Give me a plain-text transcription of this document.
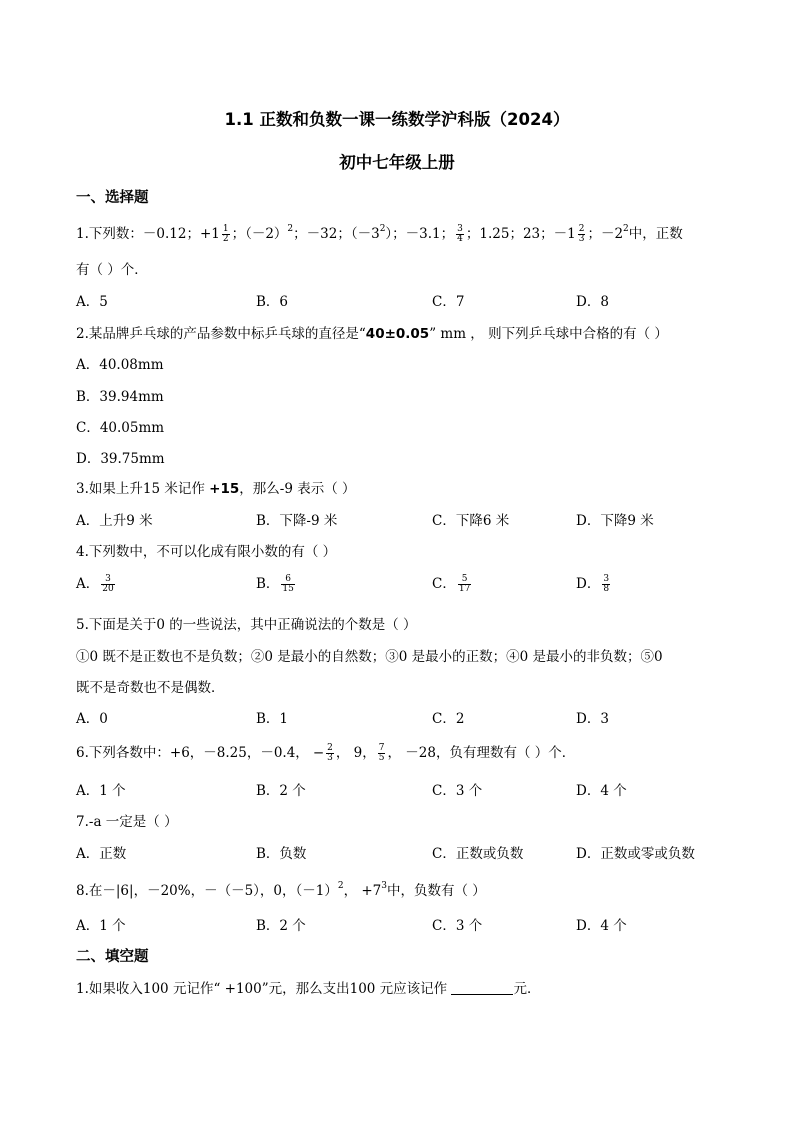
1.1 正数和负数一课一练数学沪科版（2024）
初中七年级上册
一、选择题
1.下列数：－0.12；$+1 \frac{1}{2}$ ；$(-2)^2$；－32；$(-3^2)$；－3.1； $\frac{3}{4}$ ；1.25；23；$-1 \frac{2}{3}$ ；$-2^2$中，正数
有（ ）个．
A．5	B．6	C．7	D．8
2.某品牌乒乓球的产品参数中标乒乓球的直径是“40±0.05” mm ， 则下列乒乓球中合格的有（ ）
A．40.08mm
B．39.94mm
C．40.05mm
D．39.75mm
3.如果上升15 米记作 +15，那么-9 表示（ ）
A．上升9 米	B．下降-9 米	C．下降6 米	D．下降9 米
4.下列数中，不可以化成有限小数的有（ ）
A． $\frac{3}{20}$	B． $\frac{6}{15}$	C． $\frac{5}{17}$	D． $\frac{3}{8}$
5.下面是关于0 的一些说法，其中正确说法的个数是（ ）
①0 既不是正数也不是负数；②0 是最小的自然数；③0 是最小的正数；④0 是最小的非负数；⑤0
既不是奇数也不是偶数．
A．0	B．1	C．2	D．3
6.下列各数中：+6，－8.25，－0.4， − $\frac{2}{3}$ ， 9， $\frac{7}{5}$ ， －28，负有理数有（ ）个．
A．1 个	B．2 个	C．3 个	D．4 个
7.-a 一定是（ ）
A．正数	B．负数	C．正数或负数	D．正数或零或负数
8.在－|6|，－20%，－（－5），0，$(-1)^2$， $+7^3$中，负数有（ ）
A．1 个	B．2 个	C．3 个	D．4 个
二、填空题
1.如果收入100 元记作“ +100”元，那么支出100 元应该记作	元．
